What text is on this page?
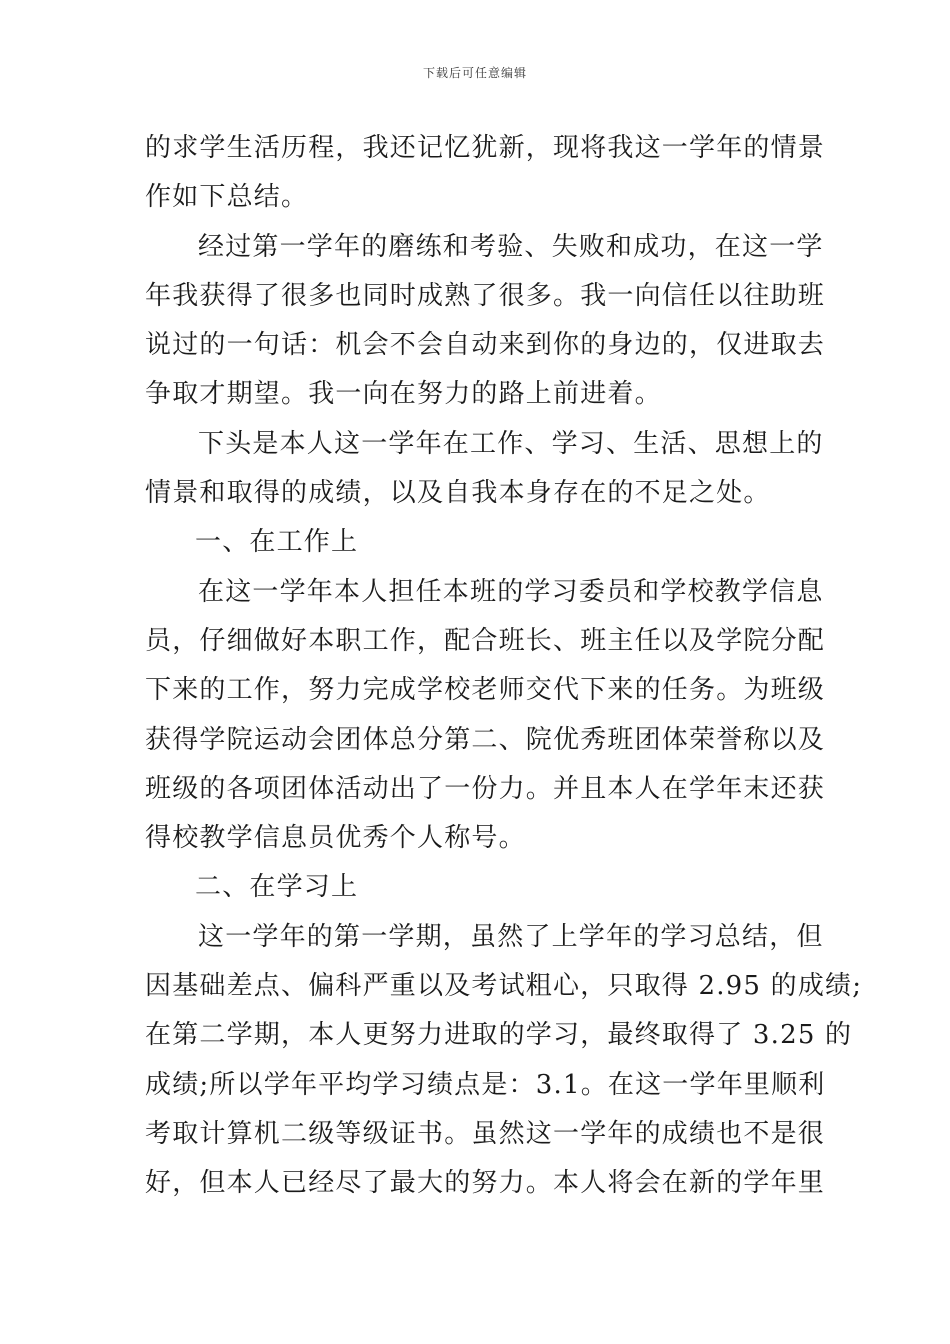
下载后可任意编辑
的求学生活历程，我还记忆犹新，现将我这一学年的情景
作如下总结。
经过第一学年的磨练和考验、失败和成功，在这一学
年我获得了很多也同时成熟了很多。我一向信任以往助班
说过的一句话：机会不会自动来到你的身边的，仅进取去
争取才期望。我一向在努力的路上前进着。
下头是本人这一学年在工作、学习、生活、思想上的
情景和取得的成绩，以及自我本身存在的不足之处。
一、在工作上
在这一学年本人担任本班的学习委员和学校教学信息
员，仔细做好本职工作，配合班长、班主任以及学院分配
下来的工作，努力完成学校老师交代下来的任务。为班级
获得学院运动会团体总分第二、院优秀班团体荣誉称以及
班级的各项团体活动出了一份力。并且本人在学年末还获
得校教学信息员优秀个人称号。
二、在学习上
这一学年的第一学期，虽然了上学年的学习总结，但
因基础差点、偏科严重以及考试粗心，只取得 2.95 的成绩;
在第二学期，本人更努力进取的学习，最终取得了 3.25 的
成绩;所以学年平均学习绩点是：3.1。在这一学年里顺利
考取计算机二级等级证书。虽然这一学年的成绩也不是很
好，但本人已经尽了最大的努力。本人将会在新的学年里
